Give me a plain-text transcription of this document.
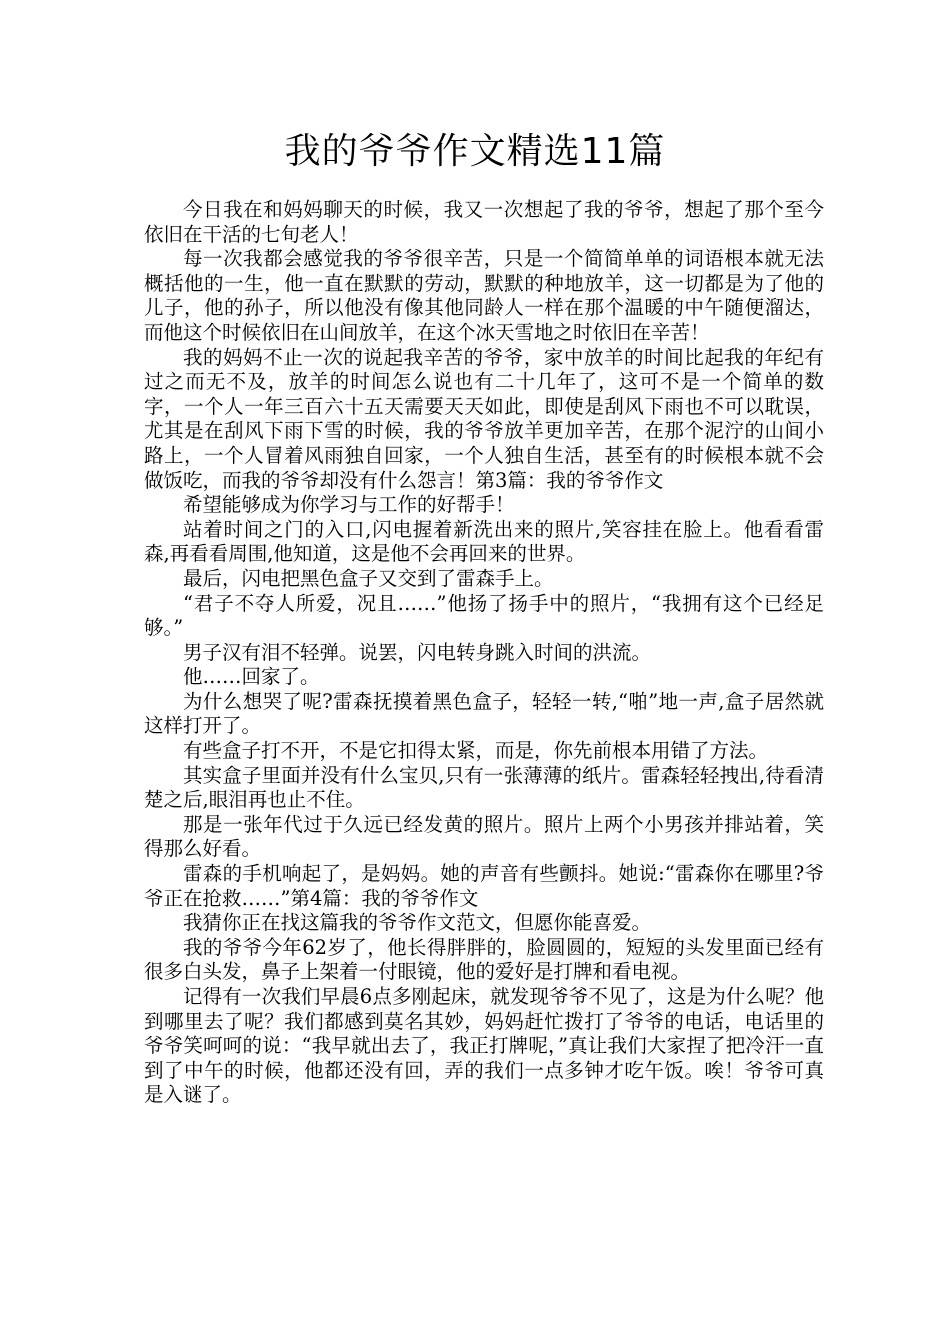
我的爷爷作文精选11篇

今日我在和妈妈聊天的时候，我又一次想起了我的爷爷，想起了那个至今依旧在干活的七旬老人！

每一次我都会感觉我的爷爷很辛苦，只是一个简简单单的词语根本就无法概括他的一生，他一直在默默的劳动，默默的种地放羊，这一切都是为了他的儿子，他的孙子，所以他没有像其他同龄人一样在那个温暖的中午随便溜达，而他这个时候依旧在山间放羊，在这个冰天雪地之时依旧在辛苦！

我的妈妈不止一次的说起我辛苦的爷爷，家中放羊的时间比起我的年纪有过之而无不及，放羊的时间怎么说也有二十几年了，这可不是一个简单的数字，一个人一年三百六十五天需要天天如此，即使是刮风下雨也不可以耽误，尤其是在刮风下雨下雪的时候，我的爷爷放羊更加辛苦，在那个泥泞的山间小路上，一个人冒着风雨独自回家，一个人独自生活，甚至有的时候根本就不会做饭吃，而我的爷爷却没有什么怨言！第3篇：我的爷爷作文

希望能够成为你学习与工作的好帮手！

站着时间之门的入口,闪电握着新洗出来的照片,笑容挂在脸上。他看看雷森,再看看周围,他知道，这是他不会再回来的世界。

最后，闪电把黑色盒子又交到了雷森手上。

“君子不夺人所爱，况且……”他扬了扬手中的照片，“我拥有这个已经足够。”

男子汉有泪不轻弹。说罢，闪电转身跳入时间的洪流。

他……回家了。

为什么想哭了呢?雷森抚摸着黑色盒子，轻轻一转,“啪”地一声,盒子居然就这样打开了。

有些盒子打不开，不是它扣得太紧，而是，你先前根本用错了方法。

其实盒子里面并没有什么宝贝,只有一张薄薄的纸片。雷森轻轻拽出,待看清楚之后,眼泪再也止不住。

那是一张年代过于久远已经发黄的照片。照片上两个小男孩并排站着，笑得那么好看。

雷森的手机响起了，是妈妈。她的声音有些颤抖。她说:“雷森你在哪里?爷爷正在抢救……”第4篇：我的爷爷作文

我猜你正在找这篇我的爷爷作文范文，但愿你能喜爱。

我的爷爷今年62岁了，他长得胖胖的，脸圆圆的，短短的头发里面已经有很多白头发，鼻子上架着一付眼镜，他的爱好是打牌和看电视。

记得有一次我们早晨6点多刚起床，就发现爷爷不见了，这是为什么呢？他到哪里去了呢？我们都感到莫名其妙，妈妈赶忙拨打了爷爷的电话，电话里的爷爷笑呵呵的说：“我早就出去了，我正打牌呢，”真让我们大家捏了把冷汗一直到了中午的时候，他都还没有回，弄的我们一点多钟才吃午饭。唉！爷爷可真是入谜了。
